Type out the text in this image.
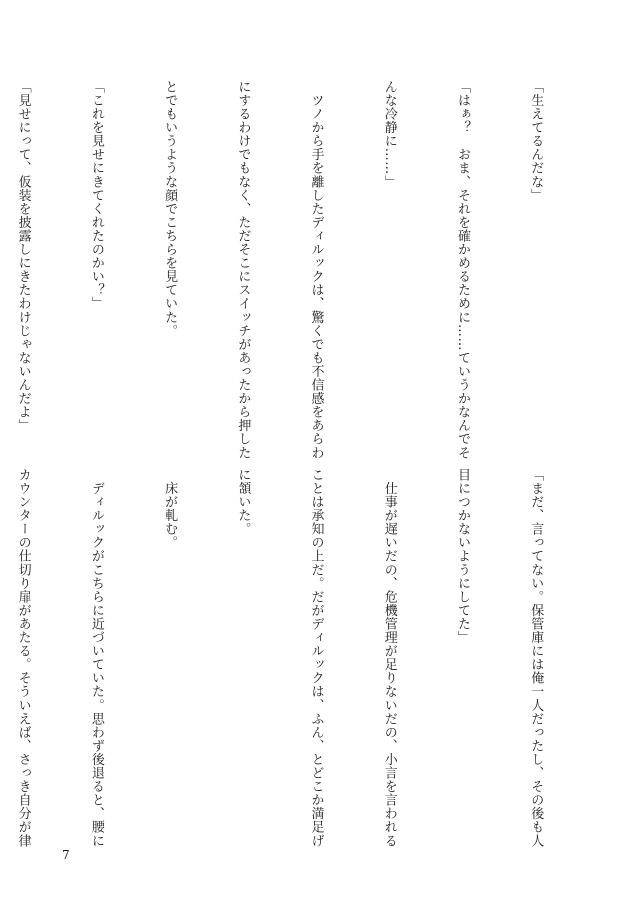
「生えてるんだな」

「はぁ？　おま、それを確かめるために……ていうかなんでそ

んな冷静に……」

　ツノから手を離したディルックは、驚くでも不信感をあらわ

にするわけでもなく、ただそこにスイッチがあったから押した

とでもいうような顔でこちらを見ていた。

「これを見せにきてくれたのかい？」

「見せにって、仮装を披露しにきたわけじゃないんだよ」

「まだ、言ってない。保管庫には俺一人だったし、その後も人

目につかないようにしてた」

　仕事が遅いだの、危機管理が足りないだの、小言を言われる

ことは承知の上だ。だがディルックは、ふん、とどこか満足げ

に頷いた。

　床が軋む。

　ディルックがこちらに近づいていた。思わず後退ると、腰に

カウンターの仕切り扉があたる。そういえば、さっき自分が律

7
